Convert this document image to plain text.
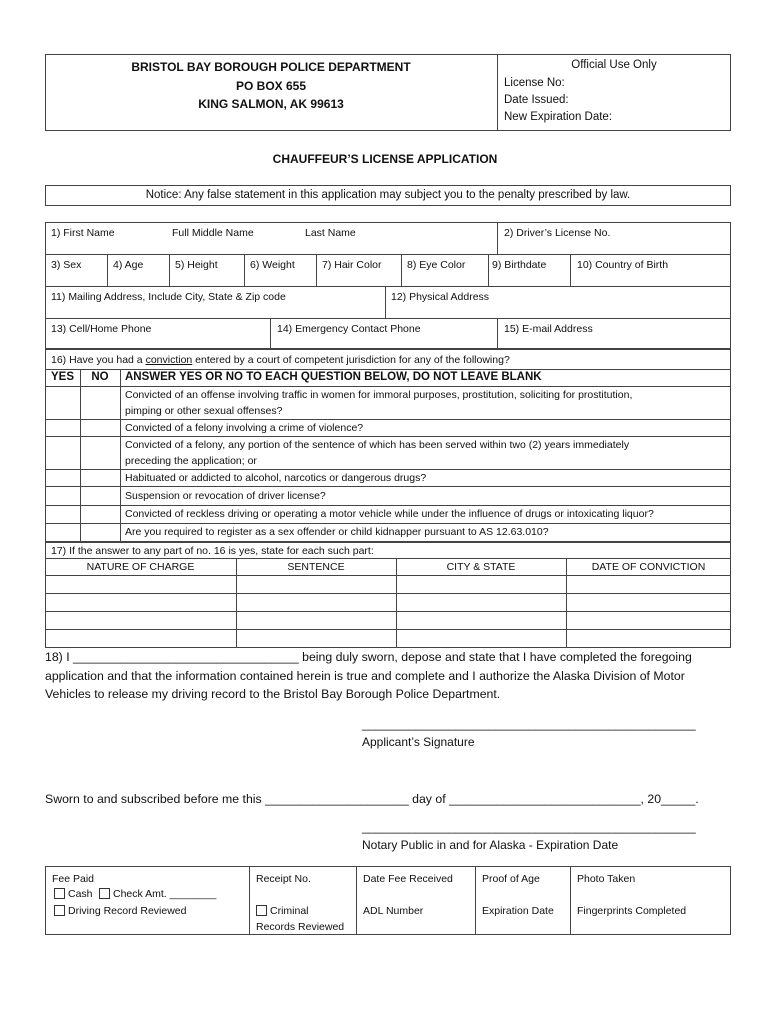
BRISTOL BAY BOROUGH POLICE DEPARTMENT
PO BOX 655
KING SALMON, AK 99613
Official Use Only
License No:
Date Issued:
New Expiration Date:
CHAUFFEUR’S LICENSE APPLICATION
Notice: Any false statement in this application may subject you to the penalty prescribed by law.
1) First Name	Full Middle Name	Last Name	2) Driver’s License No.
3) Sex	4) Age	5) Height	6) Weight	7) Hair Color 8) Eye Color	9) Birthdate	10) Country of Birth
11) Mailing Address, Include City, State & Zip code	12) Physical Address
13) Cell/Home Phone	14) Emergency Contact Phone	15) E-mail Address
16) Have you had a conviction entered by a court of competent jurisdiction for any of the following?
YES	NO	ANSWER YES OR NO TO EACH QUESTION BELOW, DO NOT LEAVE BLANK
Convicted of an offense involving traffic in women for immoral purposes, prostitution, soliciting for prostitution,
pimping or other sexual offenses?
Convicted of a felony involving a crime of violence?
Convicted of a felony, any portion of the sentence of which has been served within two (2) years immediately
preceding the application; or
Habituated or addicted to alcohol, narcotics or dangerous drugs?
Suspension or revocation of driver license?
Convicted of reckless driving or operating a motor vehicle while under the influence of drugs or intoxicating liquor?
Are you required to register as a sex offender or child kidnapper pursuant to AS 12.63.010?
17) If the answer to any part of no. 16 is yes, state for each such part:
NATURE OF CHARGE	SENTENCE	CITY & STATE	DATE OF CONVICTION
18) I _________________________________ being duly sworn, depose and state that I have completed the foregoing
application and that the information contained herein is true and complete and I authorize the Alaska Division of Motor
Vehicles to release my driving record to the Bristol Bay Borough Police Department.
__________________________________________________
Applicant’s Signature
Sworn to and subscribed before me this _____________________ day of ____________________________, 20_____.
__________________________________________________
Notary Public in and for Alaska - Expiration Date
Fee Paid
Cash	Check Amt. ________
Driving Record Reviewed
Receipt No.
Criminal
Records Reviewed
Date Fee Received
ADL Number
Proof of Age
Expiration Date
Photo Taken
Fingerprints Completed
